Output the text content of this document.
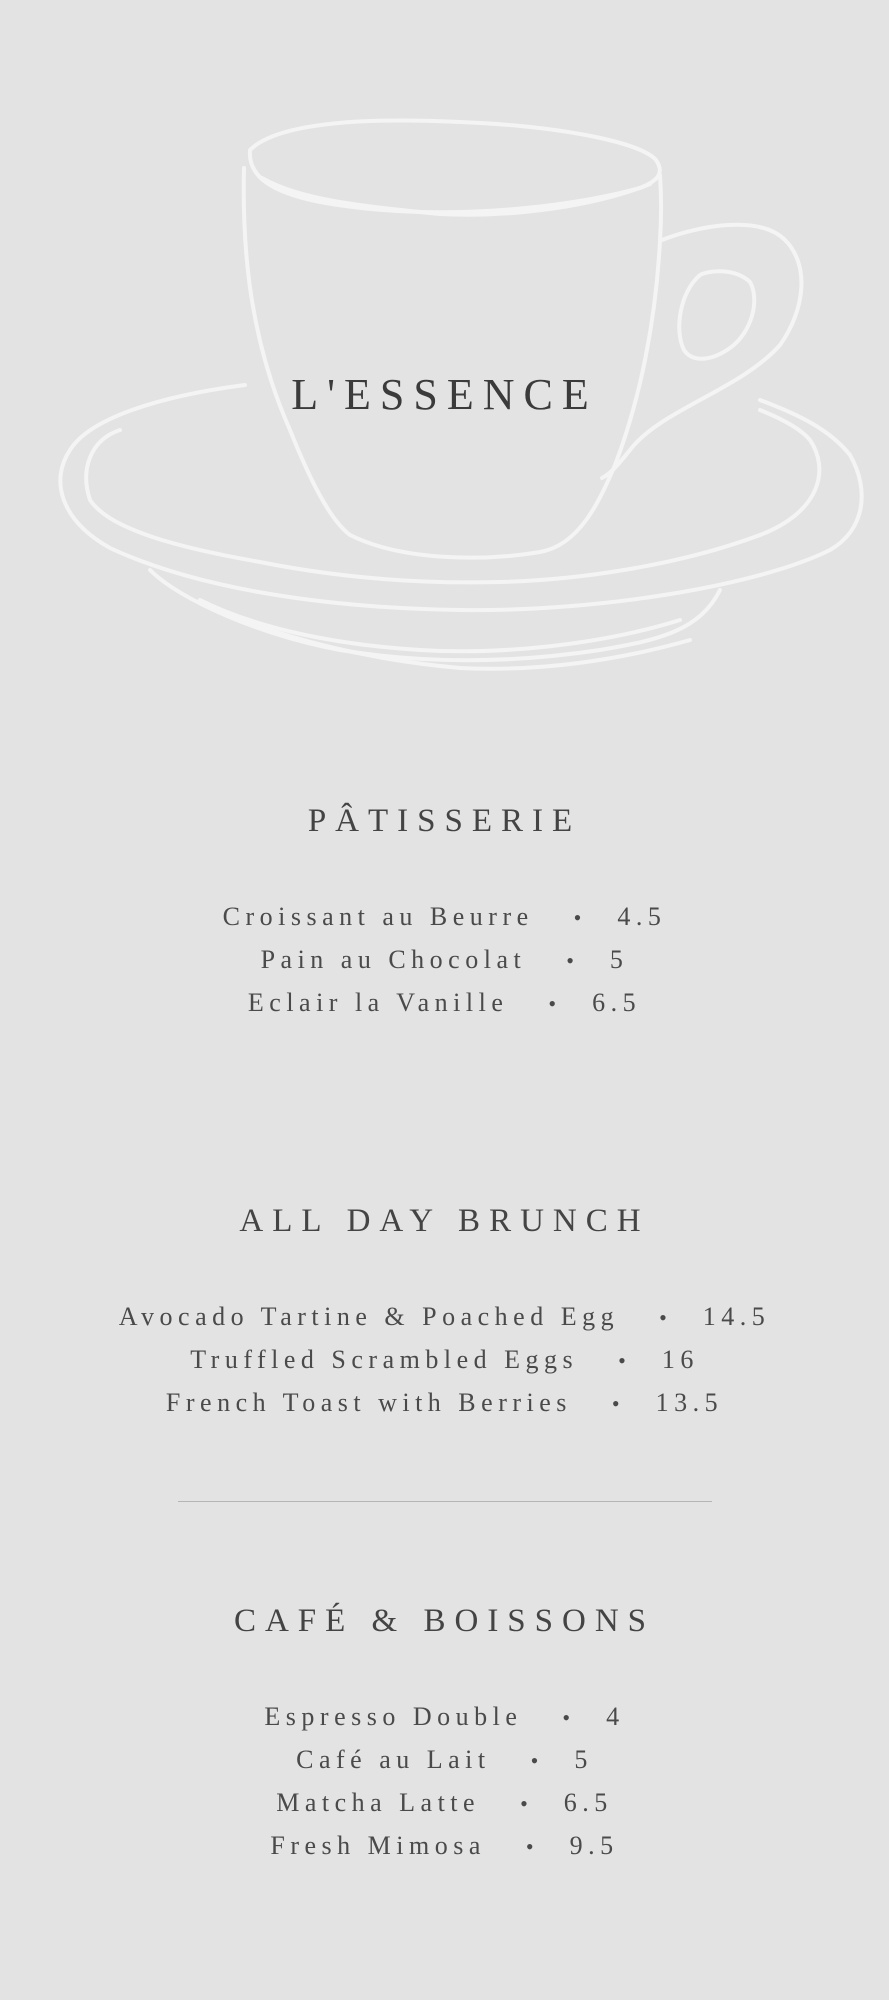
L'ESSENCE
PÂTISSERIE
Croissant au Beurre • 4.5
Pain au Chocolat • 5
Eclair la Vanille • 6.5
ALL DAY BRUNCH
Avocado Tartine & Poached Egg • 14.5
Truffled Scrambled Eggs • 16
French Toast with Berries • 13.5
CAFÉ & BOISSONS
Espresso Double • 4
Café au Lait • 5
Matcha Latte • 6.5
Fresh Mimosa • 9.5
